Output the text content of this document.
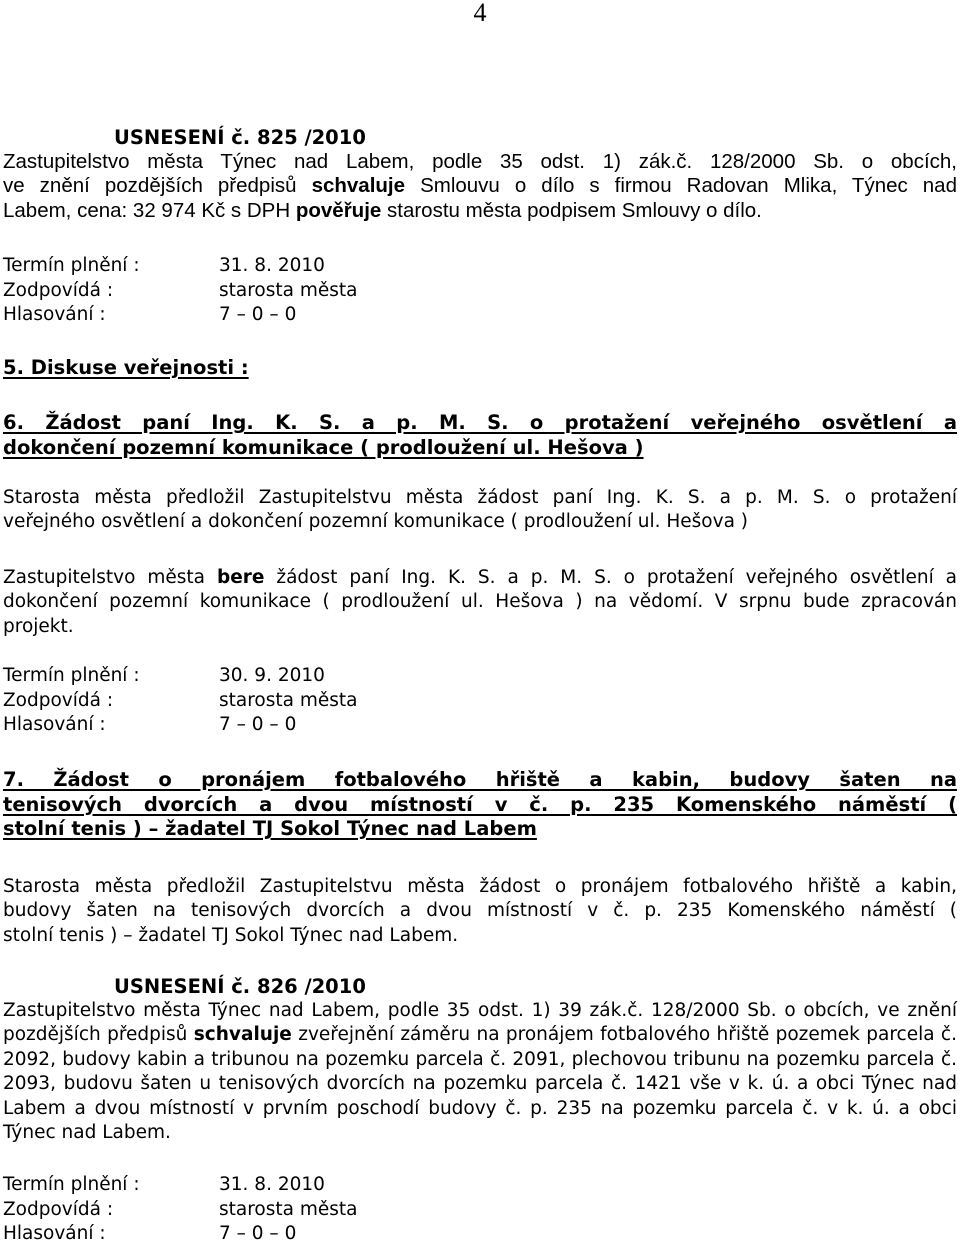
4
USNESENÍ č. 825 /2010
Zastupitelstvo města Týnec nad Labem, podle 35 odst. 1) zák.č. 128/2000 Sb. o obcích,
ve znění pozdějších předpisů schvaluje Smlouvu o dílo s firmou Radovan Mlika, Týnec nad
Labem, cena: 32 974 Kč s DPH pověřuje starostu města podpisem Smlouvy o dílo.
Termín plnění :	31. 8. 2010
Zodpovídá :	starosta města
Hlasování :	7 – 0 – 0
5. Diskuse veřejnosti :
6. Žádost paní Ing. K. S. a p. M. S. o protažení veřejného osvětlení a
dokončení pozemní komunikace ( prodloužení ul. Hešova )
Starosta města předložil Zastupitelstvu města žádost paní Ing. K. S. a p. M. S. o protažení
veřejného osvětlení a dokončení pozemní komunikace ( prodloužení ul. Hešova )
Zastupitelstvo města bere žádost paní Ing. K. S. a p. M. S. o protažení veřejného osvětlení a dokončení pozemní komunikace ( prodloužení ul. Hešova ) na vědomí. V srpnu bude zpracován projekt.
Termín plnění :	30. 9. 2010
Zodpovídá :	starosta města
Hlasování :	7 – 0 – 0
7. Žádost o pronájem fotbalového hřiště a kabin, budovy šaten na
tenisových dvorcích a dvou místností v č. p. 235 Komenského náměstí (
stolní tenis ) – žadatel TJ Sokol Týnec nad Labem
Starosta města předložil Zastupitelstvu města žádost o pronájem fotbalového hřiště a kabin,
budovy šaten na tenisových dvorcích a dvou místností v č. p. 235 Komenského náměstí (
stolní tenis ) – žadatel TJ Sokol Týnec nad Labem.
USNESENÍ č. 826 /2010
Zastupitelstvo města Týnec nad Labem, podle 35 odst. 1) 39 zák.č. 128/2000 Sb. o obcích, ve znění pozdějších předpisů schvaluje zveřejnění záměru na pronájem fotbalového hřiště pozemek parcela č. 2092, budovy kabin a tribunou na pozemku parcela č. 2091, plechovou tribunu na pozemku parcela č. 2093, budovu šaten u tenisových dvorcích na pozemku parcela č. 1421 vše v k. ú. a obci Týnec nad Labem a dvou místností v prvním poschodí budovy č. p. 235 na pozemku parcela č. v k. ú. a obci Týnec nad Labem.
Termín plnění :	31. 8. 2010
Zodpovídá :	starosta města
Hlasování :	7 – 0 – 0
